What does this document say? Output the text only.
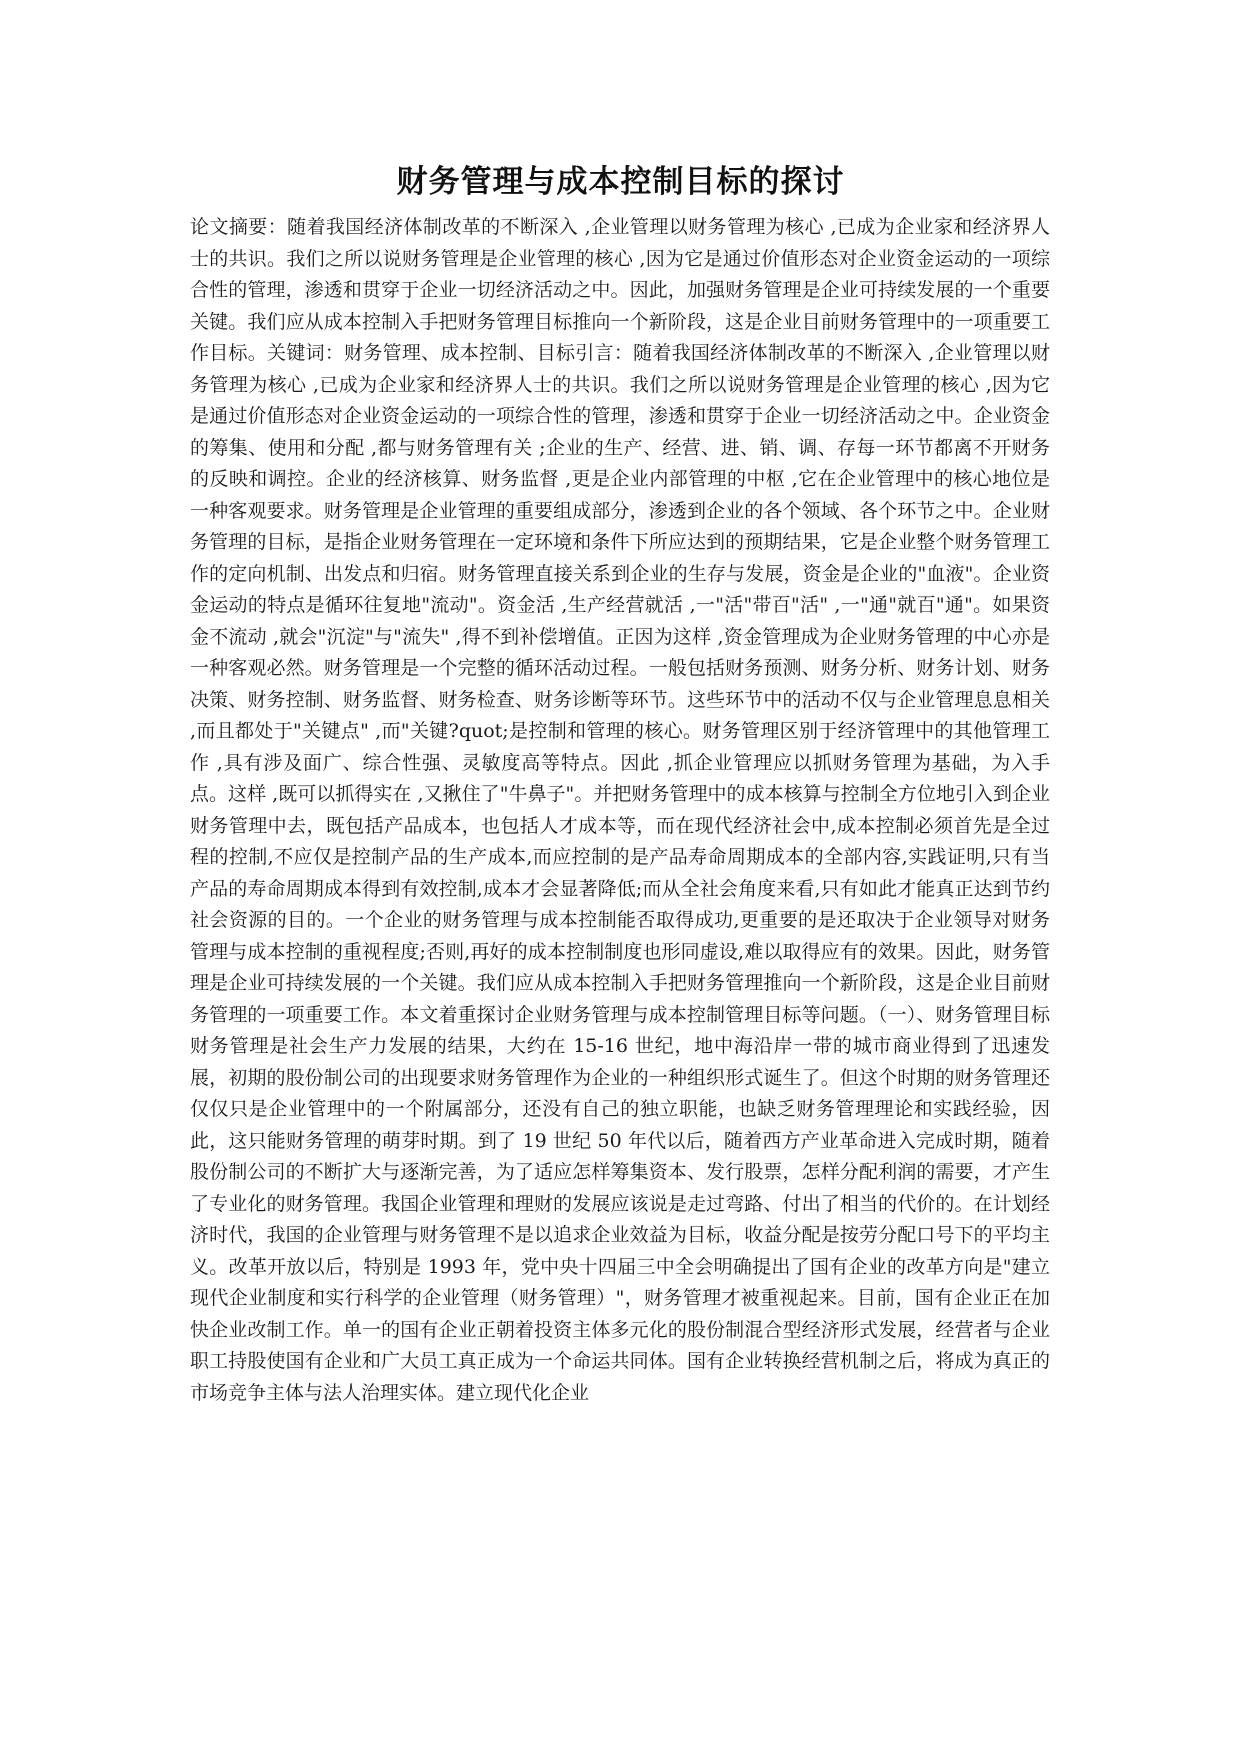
财务管理与成本控制目标的探讨

论文摘要：随着我国经济体制改革的不断深入 ,企业管理以财务管理为核心 ,已成为企业家和经济界人士的共识。我们之所以说财务管理是企业管理的核心 ,因为它是通过价值形态对企业资金运动的一项综合性的管理，渗透和贯穿于企业一切经济活动之中。因此，加强财务管理是企业可持续发展的一个重要关键。我们应从成本控制入手把财务管理目标推向一个新阶段，这是企业目前财务管理中的一项重要工作目标。关键词：财务管理、成本控制、目标引言：随着我国经济体制改革的不断深入 ,企业管理以财务管理为核心 ,已成为企业家和经济界人士的共识。我们之所以说财务管理是企业管理的核心 ,因为它是通过价值形态对企业资金运动的一项综合性的管理，渗透和贯穿于企业一切经济活动之中。企业资金的筹集、使用和分配 ,都与财务管理有关 ;企业的生产、经营、进、销、调、存每一环节都离不开财务的反映和调控。企业的经济核算、财务监督 ,更是企业内部管理的中枢 ,它在企业管理中的核心地位是一种客观要求。财务管理是企业管理的重要组成部分，渗透到企业的各个领域、各个环节之中。企业财务管理的目标，是指企业财务管理在一定环境和条件下所应达到的预期结果，它是企业整个财务管理工作的定向机制、出发点和归宿。财务管理直接关系到企业的生存与发展，资金是企业的"血液"。企业资金运动的特点是循环往复地"流动"。资金活 ,生产经营就活 ,一"活"带百"活" ,一"通"就百"通"。如果资金不流动 ,就会"沉淀"与"流失" ,得不到补偿增值。正因为这样 ,资金管理成为企业财务管理的中心亦是一种客观必然。财务管理是一个完整的循环活动过程。一般包括财务预测、财务分析、财务计划、财务决策、财务控制、财务监督、财务检查、财务诊断等环节。这些环节中的活动不仅与企业管理息息相关 ,而且都处于"关键点" ,而"关键?quot;是控制和管理的核心。财务管理区别于经济管理中的其他管理工作 ,具有涉及面广、综合性强、灵敏度高等特点。因此 ,抓企业管理应以抓财务管理为基础，为入手点。这样 ,既可以抓得实在 ,又揪住了"牛鼻子"。并把财务管理中的成本核算与控制全方位地引入到企业财务管理中去，既包括产品成本，也包括人才成本等，而在现代经济社会中,成本控制必须首先是全过程的控制,不应仅是控制产品的生产成本,而应控制的是产品寿命周期成本的全部内容,实践证明,只有当产品的寿命周期成本得到有效控制,成本才会显著降低;而从全社会角度来看,只有如此才能真正达到节约社会资源的目的。一个企业的财务管理与成本控制能否取得成功,更重要的是还取决于企业领导对财务管理与成本控制的重视程度;否则,再好的成本控制制度也形同虚设,难以取得应有的效果。因此，财务管理是企业可持续发展的一个关键。我们应从成本控制入手把财务管理推向一个新阶段，这是企业目前财务管理的一项重要工作。本文着重探讨企业财务管理与成本控制管理目标等问题。（一）、财务管理目标　　财务管理是社会生产力发展的结果，大约在 15-16 世纪，地中海沿岸一带的城市商业得到了迅速发展，初期的股份制公司的出现要求财务管理作为企业的一种组织形式诞生了。但这个时期的财务管理还仅仅只是企业管理中的一个附属部分，还没有自己的独立职能，也缺乏财务管理理论和实践经验，因此，这只能财务管理的萌芽时期。到了 19 世纪 50 年代以后，随着西方产业革命进入完成时期，随着股份制公司的不断扩大与逐渐完善，为了适应怎样筹集资本、发行股票，怎样分配利润的需要，才产生了专业化的财务管理。我国企业管理和理财的发展应该说是走过弯路、付出了相当的代价的。在计划经济时代，我国的企业管理与财务管理不是以追求企业效益为目标，收益分配是按劳分配口号下的平均主义。改革开放以后，特别是 1993 年，党中央十四届三中全会明确提出了国有企业的改革方向是"建立现代企业制度和实行科学的企业管理（财务管理）"，财务管理才被重视起来。目前，国有企业正在加快企业改制工作。单一的国有企业正朝着投资主体多元化的股份制混合型经济形式发展，经营者与企业职工持股使国有企业和广大员工真正成为一个命运共同体。国有企业转换经营机制之后，将成为真正的市场竞争主体与法人治理实体。建立现代化企业
